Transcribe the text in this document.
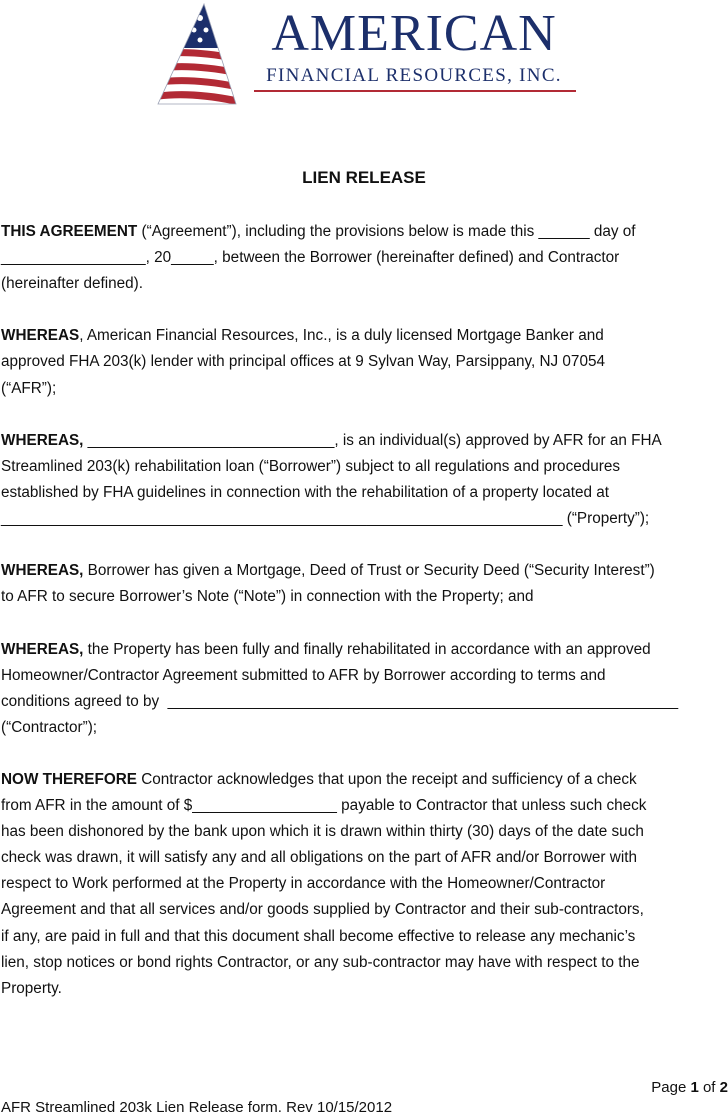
AMERICAN
FINANCIAL RESOURCES, INC.
LIEN RELEASE
THIS AGREEMENT (“Agreement”), including the provisions below is made this ______ day of
_________________, 20_____, between the Borrower (hereinafter defined) and Contractor
(hereinafter defined).
WHEREAS, American Financial Resources, Inc., is a duly licensed Mortgage Banker and
approved FHA 203(k) lender with principal offices at 9 Sylvan Way, Parsippany, NJ 07054
(“AFR”);
WHEREAS, _____________________________, is an individual(s) approved by AFR for an FHA
Streamlined 203(k) rehabilitation loan (“Borrower”) subject to all regulations and procedures
established by FHA guidelines in connection with the rehabilitation of a property located at
__________________________________________________________________ (“Property”);
WHEREAS, Borrower has given a Mortgage, Deed of Trust or Security Deed (“Security Interest”)
to AFR to secure Borrower’s Note (“Note”) in connection with the Property; and
WHEREAS, the Property has been fully and finally rehabilitated in accordance with an approved
Homeowner/Contractor Agreement submitted to AFR by Borrower according to terms and
conditions agreed to by  ____________________________________________________________
(“Contractor”);
NOW THEREFORE Contractor acknowledges that upon the receipt and sufficiency of a check
from AFR in the amount of $_________________ payable to Contractor that unless such check
has been dishonored by the bank upon which it is drawn within thirty (30) days of the date such
check was drawn, it will satisfy any and all obligations on the part of AFR and/or Borrower with
respect to Work performed at the Property in accordance with the Homeowner/Contractor
Agreement and that all services and/or goods supplied by Contractor and their sub-contractors,
if any, are paid in full and that this document shall become effective to release any mechanic’s
lien, stop notices or bond rights Contractor, or any sub-contractor may have with respect to the
Property.
Page 1 of 2
AFR Streamlined 203k Lien Release form. Rev 10/15/2012
